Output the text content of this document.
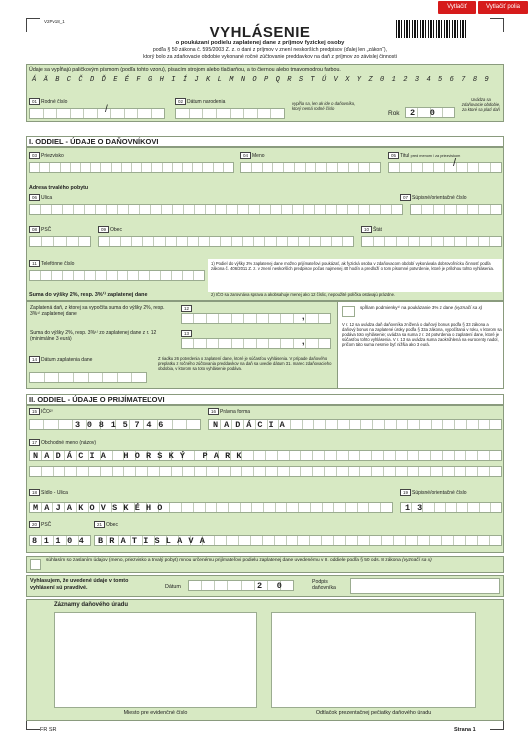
Vytlačiť	Vytlačiť polia
V2Pv18_1
VYHLÁSENIE
o poukázaní podielu zaplatenej dane z príjmov fyzickej osoby
podľa § 50 zákona č. 595/2003 Z. z. o dani z príjmov v znení neskorších predpisov (ďalej len „zákon“),
ktorý bolo za zdaňovacie obdobie vykonané ročné zúčtovanie preddavkov na daň z príjmov zo závislej činnosti
Údaje sa vypĺňajú paličkovým písmom (podľa tohto vzoru), písacím strojom alebo tlačiarňou, a to čiernou alebo tmavomodrou farbou.
Á Ä B C Č D Ď E É F G H I Í J K L M N O P Q R S T Ú V X Y Z 0 1 2 3 4 5 6 7 8 9
01 Rodné číslo
/
02 Dátum narodenia	vypĺňa sa, len ak ide o daňovníka, ktorý nemá rodné číslo
Rok 2 0
Uvádza sa zdaňovacie obdobie, za ktoré sa platí daň
I. ODDIEL - ÚDAJE O DAŇOVNÍKOVI
03 Priezvisko	04 Meno	05 Titul pred menom / za priezviskom
/
Adresa trvalého pobytu
06 Ulica	07 Súpisné/orientačné číslo
08 PSČ	09 Obec	10 Štát
11 Telefónne číslo	1) Podiel do výšky 3% zaplatenej dane možno prijímateľovi poukázať, ak fyzická osoba v zdaňovacom období vykonávala dobrovoľnícku činnosť podľa zákona č. 406/2011 Z. z. v znení neskorších predpisov počas najmenej 40 hodín a predloží o tom písomné potvrdenie, ktoré je prílohou tohto vyhlásenia.
2) IČO sa zarovnáva sprava a akobsahuje menej ako 12 číslic, nepoužité políčka ostávajú prázdne.
Suma do výšky 2%, resp. 3%¹⁾ zaplatenej dane
Zaplatená daň, z ktorej sa vypočíta suma do výšky 2%, resp. 3%¹⁾ zaplatenej dane
12
,
Suma do výšky 2%, resp. 3%¹⁾ zo zaplatenej dane z r. 12 (minimálne 3 eurá)
13
,
spĺňam podmienky¹⁾ na poukázanie 3% z dane (vyznačí sa x)
V r. 12 sa uvádza daň daňovníka znížená o daňový bonus podľa § 33 zákona a daňový bonus na zaplatené úroky podľa § 33a zákona, vypočítaná v roku, v ktorom sa podáva toto vyhlásenie; uvádza sa suma z r. 24 potvrdenia o zaplatení dane, ktoré je súčasťou tohto vyhlásenia. V r. 13 sa uvádza suma zaokrúhlená na eurocenty nadol, pričom táto suma nesmie byť nižšia ako 3 eurá.
14 Dátum zaplatenia dane	Z riadku 26 potvrdenia o zaplatení dane, ktoré je súčasťou vyhlásenia. V prípade daňového preplatku z ročného zúčtovania preddavkov na daň sa uvedie dátum 31. marec zdaňovacieho obdobia, v ktorom sa toto vyhlásenie podáva.
II. ODDIEL - ÚDAJE O PRIJÍMATEĽOVI
15 IČO²⁾
30815746
16 Právna forma
NADÁCIA
17 Obchodné meno (názov)
NADÁCIA HORSKÝ PARK
18 Sídlo - Ulica
MAJAKOVSKÉHO
19 Súpisné/orientačné číslo
13
20 PSČ
81104
21 Obec
BRATISLAVA
súhlasím so zaslaním údajov (meno, priezvisko a trvalý pobyt) mnou určenému prijímateľovi podielu zaplatenej dane uvedenému v II. oddiele podľa § 50 ods. 8 zákona (vyznačí sa x)
Vyhlasujem, že uvedené údaje v tomto vyhlásení sú pravdivé.	Dátum	2 0	Podpis daňovníka
Záznamy daňového úradu
Miesto pre evidenčné číslo	Odtlačok prezentačnej pečiatky daňového úradu
FR SR	Strana 1
